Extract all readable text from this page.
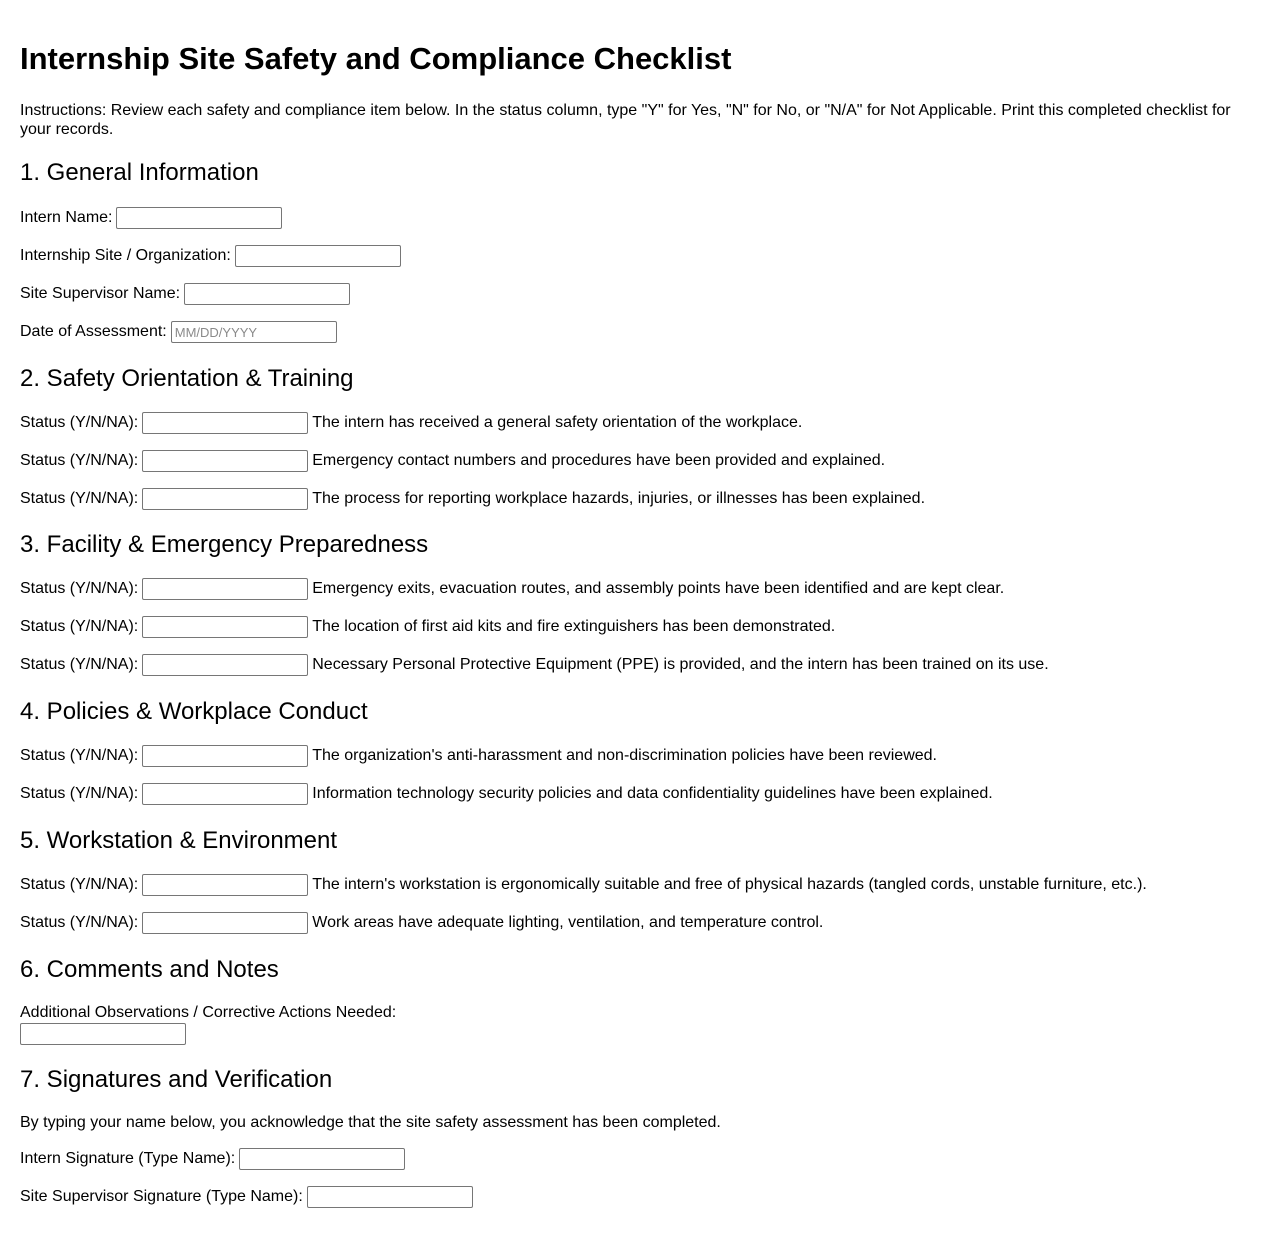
Internship Site Safety and Compliance Checklist

Instructions: Review each safety and compliance item below. In the status column, type "Y" for Yes, "N" for No, or "N/A" for Not Applicable. Print this completed checklist for your records.

1. General Information
Intern Name:
Internship Site / Organization:
Site Supervisor Name:
Date of Assessment:
MM/DD/YYYY
2. Safety Orientation & Training
Status (Y/N/NA):	The intern has received a general safety orientation of the workplace.
Status (Y/N/NA):	Emergency contact numbers and procedures have been provided and explained.
Status (Y/N/NA):	The process for reporting workplace hazards, injuries, or illnesses has been explained.
3. Facility & Emergency Preparedness
Status (Y/N/NA):	Emergency exits, evacuation routes, and assembly points have been identified and are kept clear.
Status (Y/N/NA):	The location of first aid kits and fire extinguishers has been demonstrated.
Status (Y/N/NA):	Necessary Personal Protective Equipment (PPE) is provided, and the intern has been trained on its use.
4. Policies & Workplace Conduct
Status (Y/N/NA):	The organization's anti-harassment and non-discrimination policies have been reviewed.
Status (Y/N/NA):	Information technology security policies and data confidentiality guidelines have been explained.
5. Workstation & Environment
Status (Y/N/NA):	The intern's workstation is ergonomically suitable and free of physical hazards (tangled cords, unstable furniture, etc.).
Status (Y/N/NA):	Work areas have adequate lighting, ventilation, and temperature control.
6. Comments and Notes
Additional Observations / Corrective Actions Needed:
7. Signatures and Verification
By typing your name below, you acknowledge that the site safety assessment has been completed.
Intern Signature (Type Name):
Site Supervisor Signature (Type Name):
